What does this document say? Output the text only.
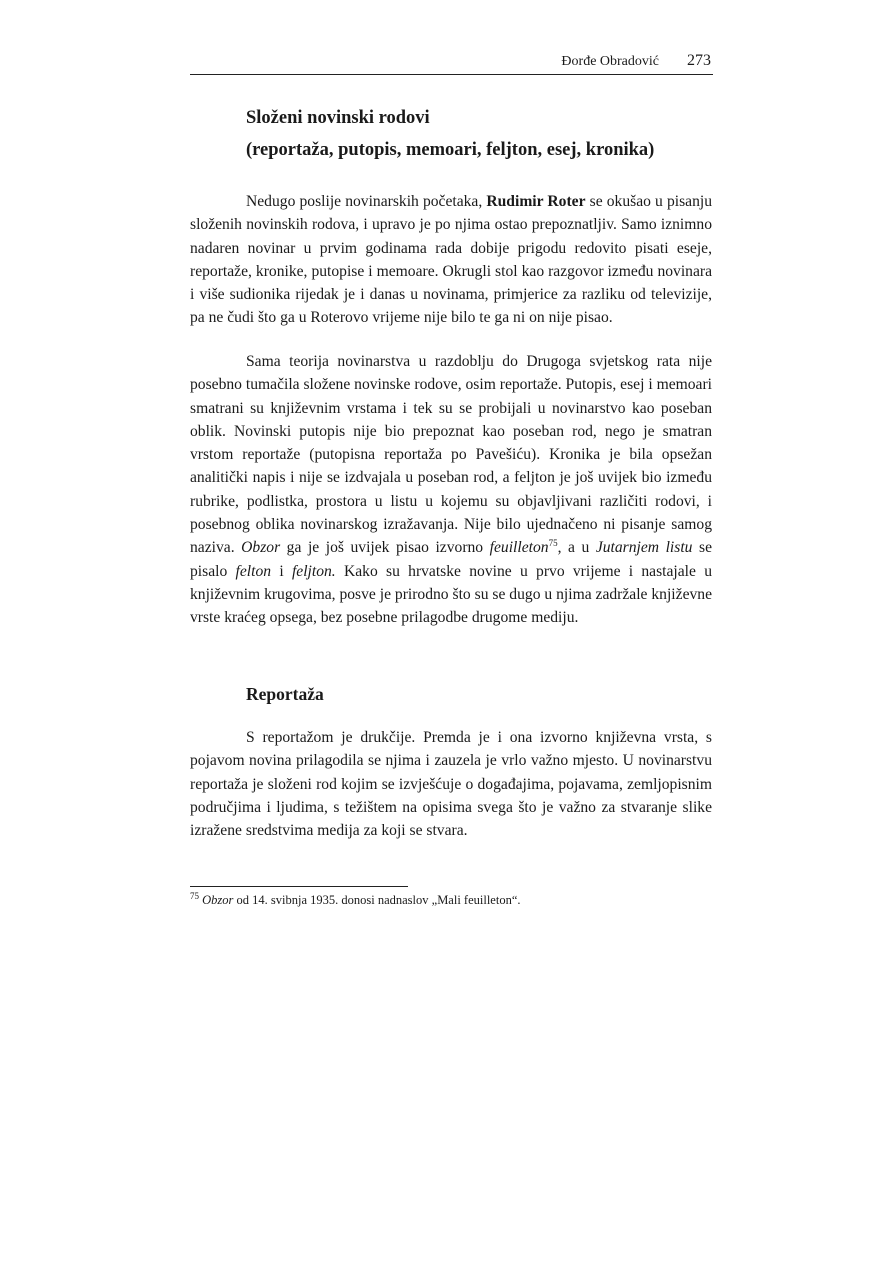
Đorđe Obradović 273
Složeni novinski rodovi
(reportaža, putopis, memoari, feljton, esej, kronika)

Nedugo poslije novinarskih početaka, Rudimir Roter se okušao u pisanju složenih novinskih rodova, i upravo je po njima ostao prepoznatljiv. Samo iznimno nadaren novinar u prvim godinama rada dobije prigodu redovito pisati eseje, reportaže, kronike, putopise i memoare. Okrugli stol kao razgovor između novinara i više sudionika rijedak je i danas u novinama, primjerice za razliku od televizije, pa ne čudi što ga u Roterovo vrijeme nije bilo te ga ni on nije pisao.

Sama teorija novinarstva u razdoblju do Drugoga svjetskog rata nije posebno tumačila složene novinske rodove, osim reportaže. Putopis, esej i memoari smatrani su književnim vrstama i tek su se probijali u novinarstvo kao poseban oblik. Novinski putopis nije bio prepoznat kao poseban rod, nego je smatran vrstom reportaže (putopisna reportaža po Pavešiću). Kronika je bila opsežan analitički napis i nije se izdvajala u poseban rod, a feljton je još uvijek bio između rubrike, podlistka, prostora u listu u kojemu su objavljivani različiti rodovi, i posebnog oblika novinarskog izražavanja. Nije bilo ujednačeno ni pisanje samog naziva. Obzor ga je još uvijek pisao izvorno feuilleton$^{75}$, a u Jutarnjem listu se pisalo felton i feljton. Kako su hrvatske novine u prvo vrijeme i nastajale u književnim krugovima, posve je prirodno što su se dugo u njima zadržale književne vrste kraćeg opsega, bez posebne prilagodbe drugome mediju.

Reportaža

S reportažom je drukčije. Premda je i ona izvorno književna vrsta, s pojavom novina prilagodila se njima i zauzela je vrlo važno mjesto. U novinarstvu reportaža je složeni rod kojim se izvješćuje o događajima, pojavama, zemljopisnim područjima i ljudima, s težištem na opisima svega što je važno za stvaranje slike izražene sredstvima medija za koji se stvara.

$^{75}$ Obzor od 14. svibnja 1935. donosi nadnaslov „Mali feuilleton“.
